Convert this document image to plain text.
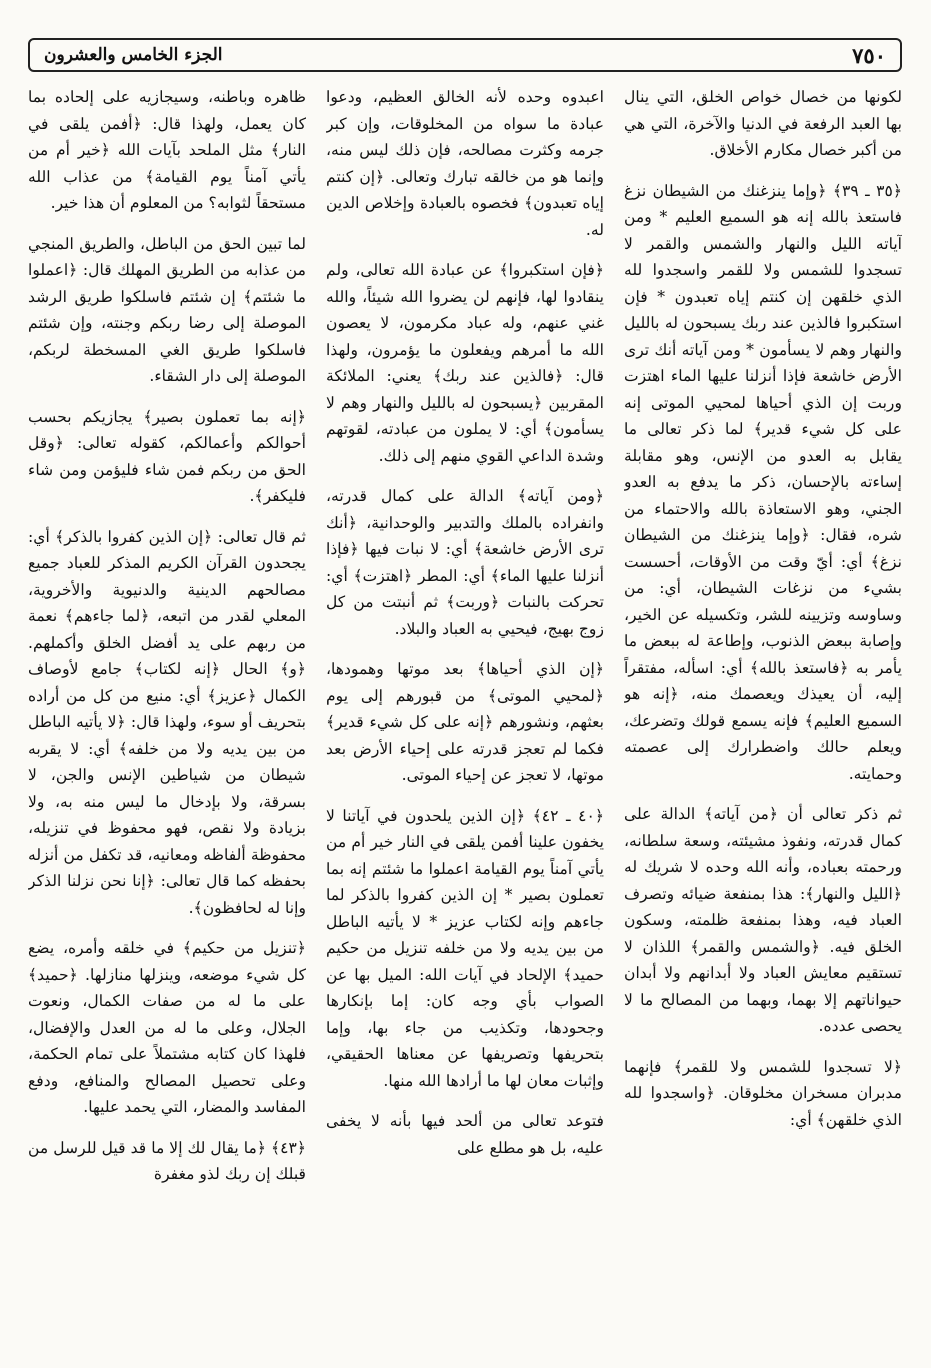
٧٥٠
الجزء الخامس والعشرون

لكونها من خصال خواص الخلق، التي ينال بها العبد الرفعة في الدنيا والآخرة، التي هي من أكبر خصال مكارم الأخلاق.

﴿٣٥ ـ ٣٩﴾ ﴿وإما ينزغنك من الشيطان نزغ فاستعذ بالله إنه هو السميع العليم * ومن آياته الليل والنهار والشمس والقمر لا تسجدوا للشمس ولا للقمر واسجدوا لله الذي خلقهن إن كنتم إياه تعبدون * فإن استكبروا فالذين عند ربك يسبحون له بالليل والنهار وهم لا يسأمون * ومن آياته أنك ترى الأرض خاشعة فإذا أنزلنا عليها الماء اهتزت وربت إن الذي أحياها لمحيي الموتى إنه على كل شيء قدير﴾ لما ذكر تعالى ما يقابل به العدو من الإنس، وهو مقابلة إساءته بالإحسان، ذكر ما يدفع به العدو الجني، وهو الاستعاذة بالله والاحتماء من شره، فقال: ﴿وإما ينزغنك من الشيطان نزغ﴾ أي: أيّ وقت من الأوقات، أحسست بشيء من نزغات الشيطان، أي: من وساوسه وتزيينه للشر، وتكسيله عن الخير، وإصابة ببعض الذنوب، وإطاعة له ببعض ما يأمر به ﴿فاستعذ بالله﴾ أي: اسأله، مفتقراً إليه، أن يعيذك ويعصمك منه، ﴿إنه هو السميع العليم﴾ فإنه يسمع قولك وتضرعك، ويعلم حالك واضطرارك إلى عصمته وحمايته.

ثم ذكر تعالى أن ﴿من آياته﴾ الدالة على كمال قدرته، ونفوذ مشيئته، وسعة سلطانه، ورحمته بعباده، وأنه الله وحده لا شريك له ﴿الليل والنهار﴾: هذا بمنفعة ضيائه وتصرف العباد فيه، وهذا بمنفعة ظلمته، وسكون الخلق فيه. ﴿والشمس والقمر﴾ اللذان لا تستقيم معايش العباد ولا أبدانهم ولا أبدان حيواناتهم إلا بهما، وبهما من المصالح ما لا يحصى عدده.

﴿لا تسجدوا للشمس ولا للقمر﴾ فإنهما مدبران مسخران مخلوقان. ﴿واسجدوا لله الذي خلقهن﴾ أي:

اعبدوه وحده لأنه الخالق العظيم، ودعوا عبادة ما سواه من المخلوقات، وإن كبر جرمه وكثرت مصالحه، فإن ذلك ليس منه، وإنما هو من خالقه تبارك وتعالى. ﴿إن كنتم إياه تعبدون﴾ فخصوه بالعبادة وإخلاص الدين له.

﴿فإن استكبروا﴾ عن عبادة الله تعالى، ولم ينقادوا لها، فإنهم لن يضروا الله شيئاً، والله غني عنهم، وله عباد مكرمون، لا يعصون الله ما أمرهم ويفعلون ما يؤمرون، ولهذا قال: ﴿فالذين عند ربك﴾ يعني: الملائكة المقربين ﴿يسبحون له بالليل والنهار وهم لا يسأمون﴾ أي: لا يملون من عبادته، لقوتهم وشدة الداعي القوي منهم إلى ذلك.

﴿ومن آياته﴾ الدالة على كمال قدرته، وانفراده بالملك والتدبير والوحدانية، ﴿أنك ترى الأرض خاشعة﴾ أي: لا نبات فيها ﴿فإذا أنزلنا عليها الماء﴾ أي: المطر ﴿اهتزت﴾ أي: تحركت بالنبات ﴿وربت﴾ ثم أنبتت من كل زوج بهيج، فيحيي به العباد والبلاد.

﴿إن الذي أحياها﴾ بعد موتها وهمودها، ﴿لمحيي الموتى﴾ من قبورهم إلى يوم بعثهم، ونشورهم ﴿إنه على كل شيء قدير﴾ فكما لم تعجز قدرته على إحياء الأرض بعد موتها، لا تعجز عن إحياء الموتى.

﴿٤٠ ـ ٤٢﴾ ﴿إن الذين يلحدون في آياتنا لا يخفون علينا أفمن يلقى في النار خير أم من يأتي آمناً يوم القيامة اعملوا ما شئتم إنه بما تعملون بصير * إن الذين كفروا بالذكر لما جاءهم وإنه لكتاب عزيز * لا يأتيه الباطل من بين يديه ولا من خلفه تنزيل من حكيم حميد﴾ الإلحاد في آيات الله: الميل بها عن الصواب بأي وجه كان: إما بإنكارها وجحودها، وتكذيب من جاء بها، وإما بتحريفها وتصريفها عن معناها الحقيقي، وإثبات معان لها ما أرادها الله منها.

فتوعد تعالى من ألحد فيها بأنه لا يخفى عليه، بل هو مطلع على

ظاهره وباطنه، وسيجازيه على إلحاده بما كان يعمل، ولهذا قال: ﴿أفمن يلقى في النار﴾ مثل الملحد بآيات الله ﴿خير أم من يأتي آمناً يوم القيامة﴾ من عذاب الله مستحقاً لثوابه؟ من المعلوم أن هذا خير.

لما تبين الحق من الباطل، والطريق المنجي من عذابه من الطريق المهلك قال: ﴿اعملوا ما شئتم﴾ إن شئتم فاسلكوا طريق الرشد الموصلة إلى رضا ربكم وجنته، وإن شئتم فاسلكوا طريق الغي المسخطة لربكم، الموصلة إلى دار الشقاء.

﴿إنه بما تعملون بصير﴾ يجازيكم بحسب أحوالكم وأعمالكم، كقوله تعالى: ﴿وقل الحق من ربكم فمن شاء فليؤمن ومن شاء فليكفر﴾.

ثم قال تعالى: ﴿إن الذين كفروا بالذكر﴾ أي: يجحدون القرآن الكريم المذكر للعباد جميع مصالحهم الدينية والدنيوية والأخروية، المعلي لقدر من اتبعه، ﴿لما جاءهم﴾ نعمة من ربهم على يد أفضل الخلق وأكملهم. ﴿و﴾ الحال ﴿إنه لكتاب﴾ جامع لأوصاف الكمال ﴿عزيز﴾ أي: منيع من كل من أراده بتحريف أو سوء، ولهذا قال: ﴿لا يأتيه الباطل من بين يديه ولا من خلفه﴾ أي: لا يقربه شيطان من شياطين الإنس والجن، لا بسرقة، ولا بإدخال ما ليس منه به، ولا بزيادة ولا نقص، فهو محفوظ في تنزيله، محفوظة ألفاظه ومعانيه، قد تكفل من أنزله بحفظه كما قال تعالى: ﴿إنا نحن نزلنا الذكر وإنا له لحافظون﴾.

﴿تنزيل من حكيم﴾ في خلقه وأمره، يضع كل شيء موضعه، وينزلها منازلها. ﴿حميد﴾ على ما له من صفات الكمال، ونعوت الجلال، وعلى ما له من العدل والإفضال، فلهذا كان كتابه مشتملاً على تمام الحكمة، وعلى تحصيل المصالح والمنافع، ودفع المفاسد والمضار، التي يحمد عليها.

﴿٤٣﴾ ﴿ما يقال لك إلا ما قد قيل للرسل من قبلك إن ربك لذو مغفرة
